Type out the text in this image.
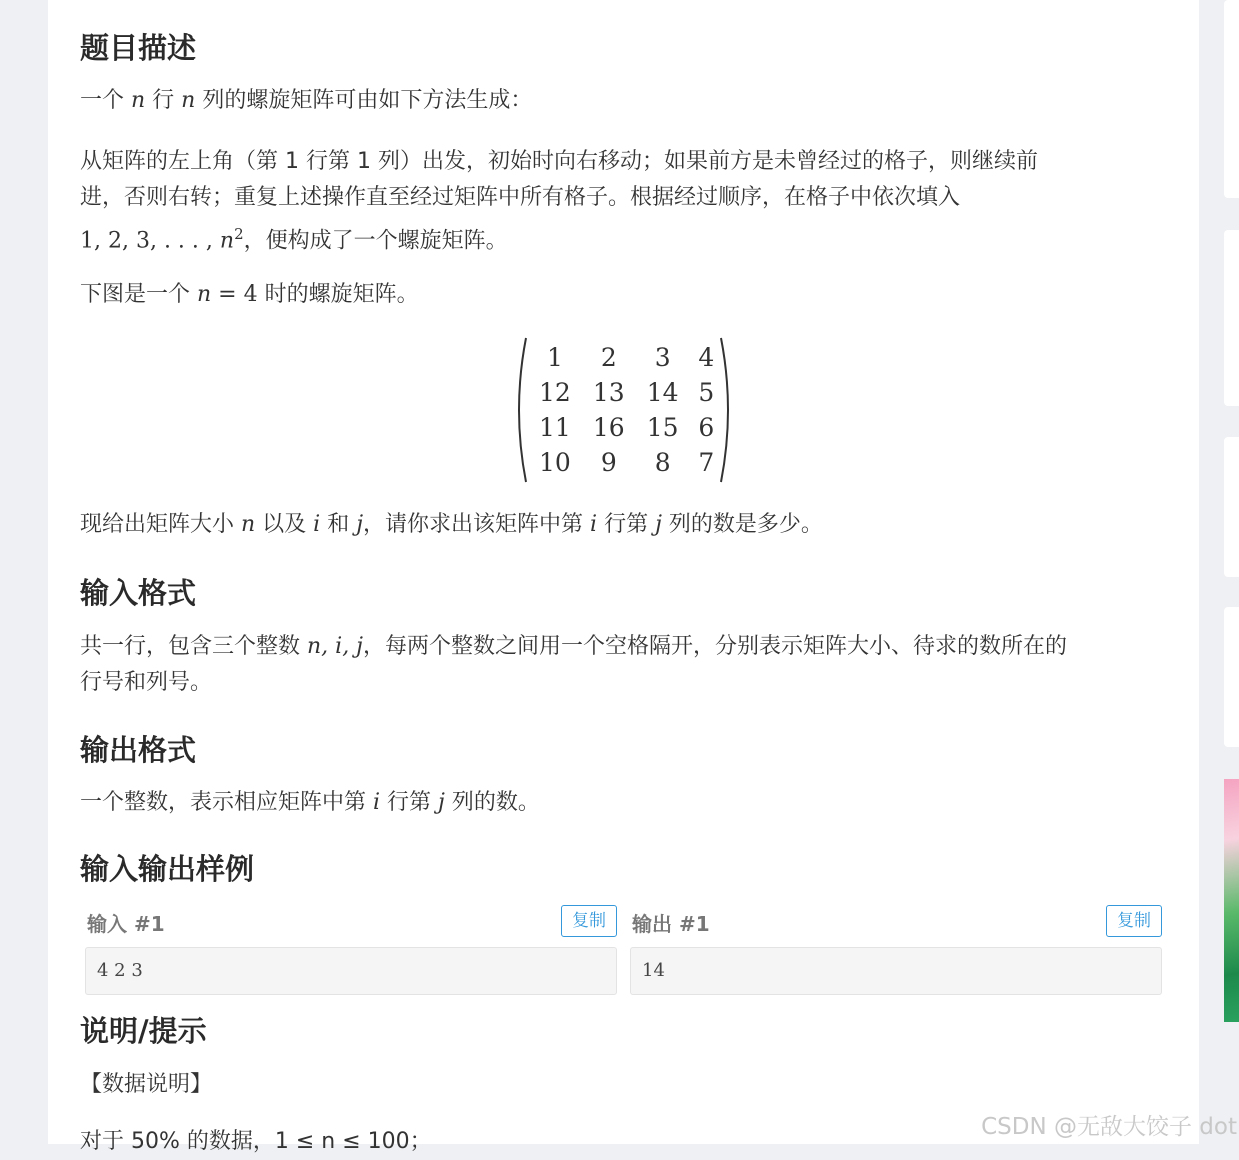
题目描述

一个 n 行 n 列的螺旋矩阵可由如下方法生成：

从矩阵的左上角（第 1 行第 1 列）出发，初始时向右移动；如果前方是未曾经过的格子，则继续前
进，否则右转；重复上述操作直至经过矩阵中所有格子。根据经过顺序，在格子中依次填入
1, 2, 3, . . . , $n^2$，便构成了一个螺旋矩阵。

下图是一个 n = 4 时的螺旋矩阵。

1	2	3	4
12 13 14 5
11 16 15 6
10	9	8	7

现给出矩阵大小 n 以及 i 和 j，请你求出该矩阵中第 i 行第 j 列的数是多少。

输入格式

共一行，包含三个整数 n, i, j，每两个整数之间用一个空格隔开，分别表示矩阵大小、待求的数所在的
行号和列号。

输出格式

一个整数，表示相应矩阵中第 i 行第 j 列的数。

输入输出样例
输入 #1	复制
4 2 3
输出 #1	复制
14
说明/提示

【数据说明】

对于 50% 的数据，1 ≤ n ≤ 100；

CSDN @无敌大饺子 dot
